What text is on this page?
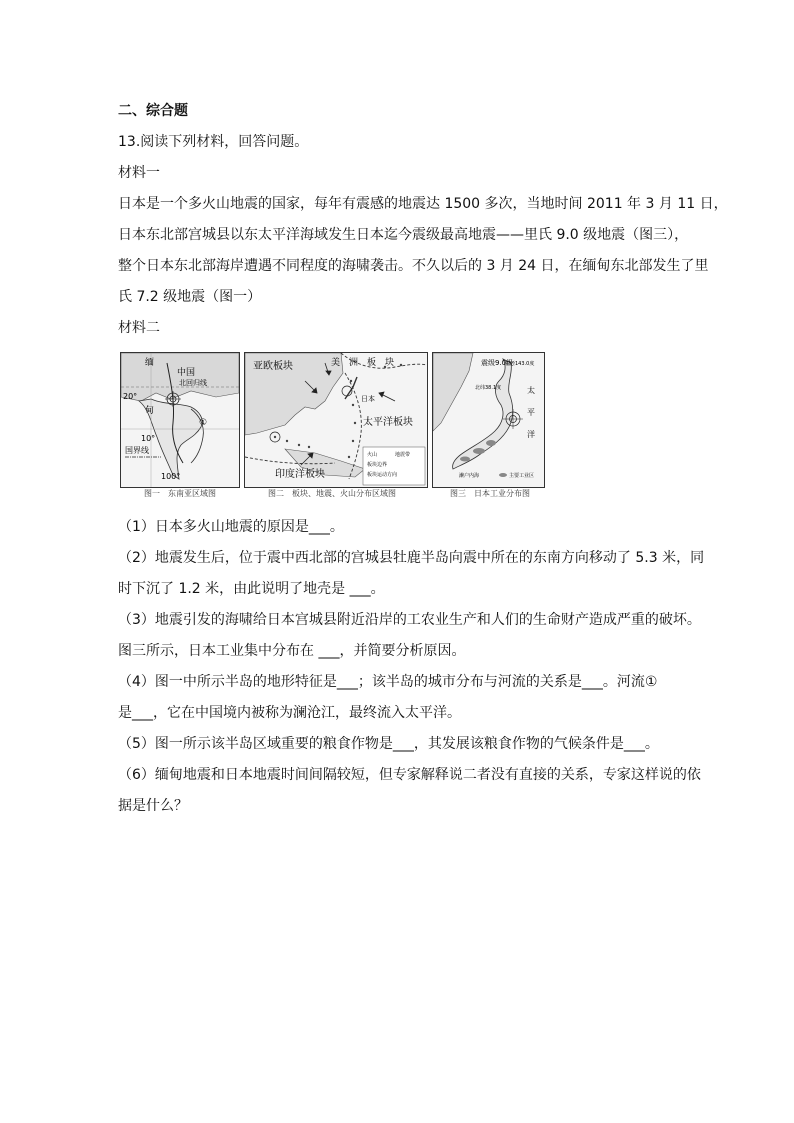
二、综合题
13.阅读下列材料，回答问题。
材料一
日本是一个多火山地震的国家，每年有震感的地震达 1500 多次，当地时间 2011 年 3 月 11 日，
日本东北部宫城县以东太平洋海域发生日本迄今震级最高地震——里氏 9.0 级地震（图三），
整个日本东北部海岸遭遇不同程度的海啸袭击。不久以后的 3 月 24 日，在缅甸东北部发生了里
氏 7.2 级地震（图一）
材料二
缅
甸
中国
北回归线
20°
10°
①
国界线
100°
图一　东南亚区域图
亚欧板块	美　洲　板　块
日本
太平洋板块
印度洋板块
火山	地震带
板块边界
板块运动方向
图二　板块、地震、火山分布区域图
震级9.0级
东经143.0度
北纬38.1度	太
平
洋
濑户内海	主要工业区
图三　日本工业分布图
（1）日本多火山地震的原因是___。
（2）地震发生后，位于震中西北部的宫城县牡鹿半岛向震中所在的东南方向移动了 5.3 米，同
时下沉了 1.2 米，由此说明了地壳是 ___。
（3）地震引发的海啸给日本宫城县附近沿岸的工农业生产和人们的生命财产造成严重的破坏。
图三所示，日本工业集中分布在 ___，并简要分析原因。
（4）图一中所示半岛的地形特征是___；该半岛的城市分布与河流的关系是___。河流①
是___，它在中国境内被称为澜沧江，最终流入太平洋。
（5）图一所示该半岛区域重要的粮食作物是___，其发展该粮食作物的气候条件是___。
（6）缅甸地震和日本地震时间间隔较短，但专家解释说二者没有直接的关系，专家这样说的依
据是什么？
